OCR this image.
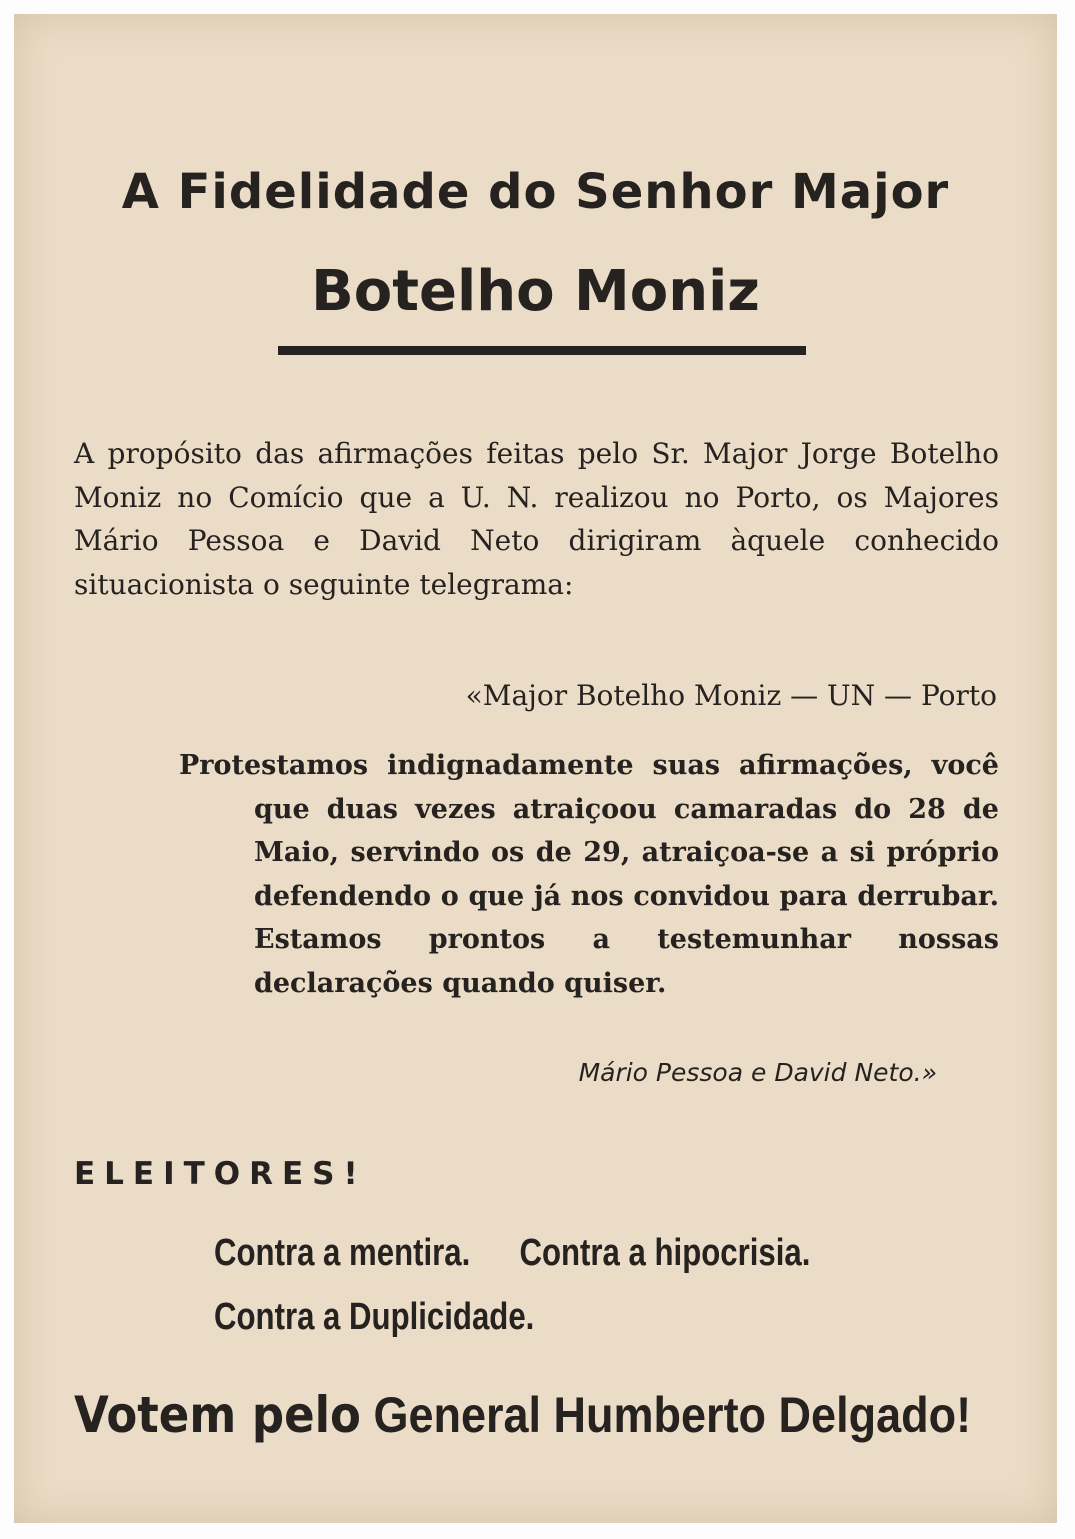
A Fidelidade do Senhor Major
Botelho Moniz

A propósito das afirmações feitas pelo Sr. Major Jorge Botelho Moniz no Comício que a U. N. realizou no Porto, os Majores Mário Pessoa e David Neto dirigiram àquele conhecido situacionista o seguinte telegrama:

«Major Botelho Moniz — UN — Porto

Protestamos indignadamente suas afirmações, você que duas vezes atraiçoou camaradas do 28 de Maio, servindo os de 29, atraiçoa-se a si próprio defendendo o que já nos convidou para derrubar. Estamos prontos a testemunhar nossas declarações quando quiser.

Mário Pessoa e David Neto.»

ELEITORES!

Contra a mentira. Contra a hipocrisia.

Contra a Duplicidade.

Votem pelo General Humberto Delgado!
